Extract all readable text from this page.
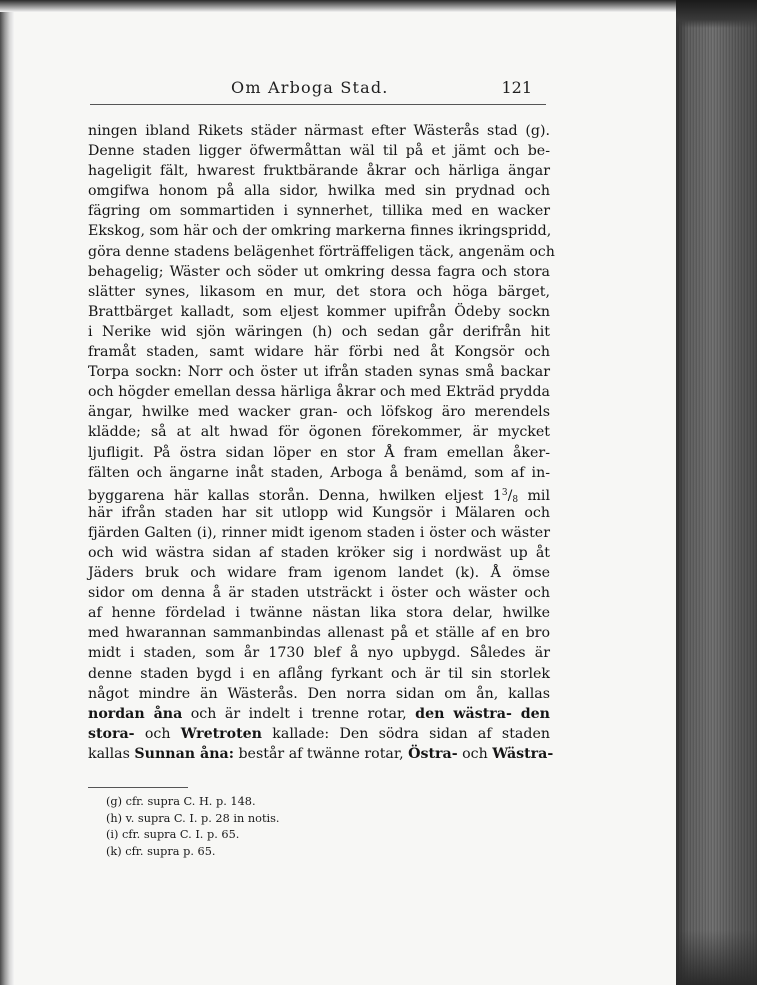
Om Arboga Stad.	121
ningen ibland Rikets städer närmast efter Wästerås stad (g).
Denne staden ligger öfwermåttan wäl til på et jämt och be-
hageligit fält, hwarest fruktbärande åkrar och härliga ängar
omgifwa honom på alla sidor, hwilka med sin prydnad och
fägring om sommartiden i synnerhet, tillika med en wacker
Ekskog, som här och der omkring markerna finnes ikringspridd,
göra denne stadens belägenhet förträffeligen täck, angenäm och
behagelig; Wäster och söder ut omkring dessa fagra och stora
slätter synes, likasom en mur, det stora och höga bärget,
Brattbärget kalladt, som eljest kommer upifrån Ödeby sockn
i Nerike wid sjön wäringen (h) och sedan går derifrån hit
framåt staden, samt widare här förbi ned åt Kongsör och
Torpa sockn: Norr och öster ut ifrån staden synas små backar
och högder emellan dessa härliga åkrar och med Ekträd prydda
ängar, hwilke med wacker gran- och löfskog äro merendels
klädde; så at alt hwad för ögonen förekommer, är mycket
ljufligit. På östra sidan löper en stor Å fram emellan åker-
fälten och ängarne inåt staden, Arboga å benämd, som af in-
byggarena här kallas storån. Denna, hwilken eljest $1^3/_8$ mil
här ifrån staden har sit utlopp wid Kungsör i Mälaren och
fjärden Galten (i), rinner midt igenom staden i öster och wäster
och wid wästra sidan af staden kröker sig i nordwäst up åt
Jäders bruk och widare fram igenom landet (k). Å ömse
sidor om denna å är staden utsträckt i öster och wäster och
af henne fördelad i twänne nästan lika stora delar, hwilke
med hwarannan sammanbindas allenast på et ställe af en bro
midt i staden, som år 1730 blef å nyo upbygd. Således är
denne staden bygd i en aflång fyrkant och är til sin storlek
något mindre än Wästerås. Den norra sidan om ån, kallas
nordan åna och är indelt i trenne rotar, den wästra- den
stora- och Wretroten kallade: Den södra sidan af staden
kallas Sunnan åna: består af twänne rotar, Östra- och Wästra-
(g) cfr. supra C. H. p. 148.
(h) v. supra C. I. p. 28 in notis.
(i) cfr. supra C. I. p. 65.
(k) cfr. supra p. 65.
